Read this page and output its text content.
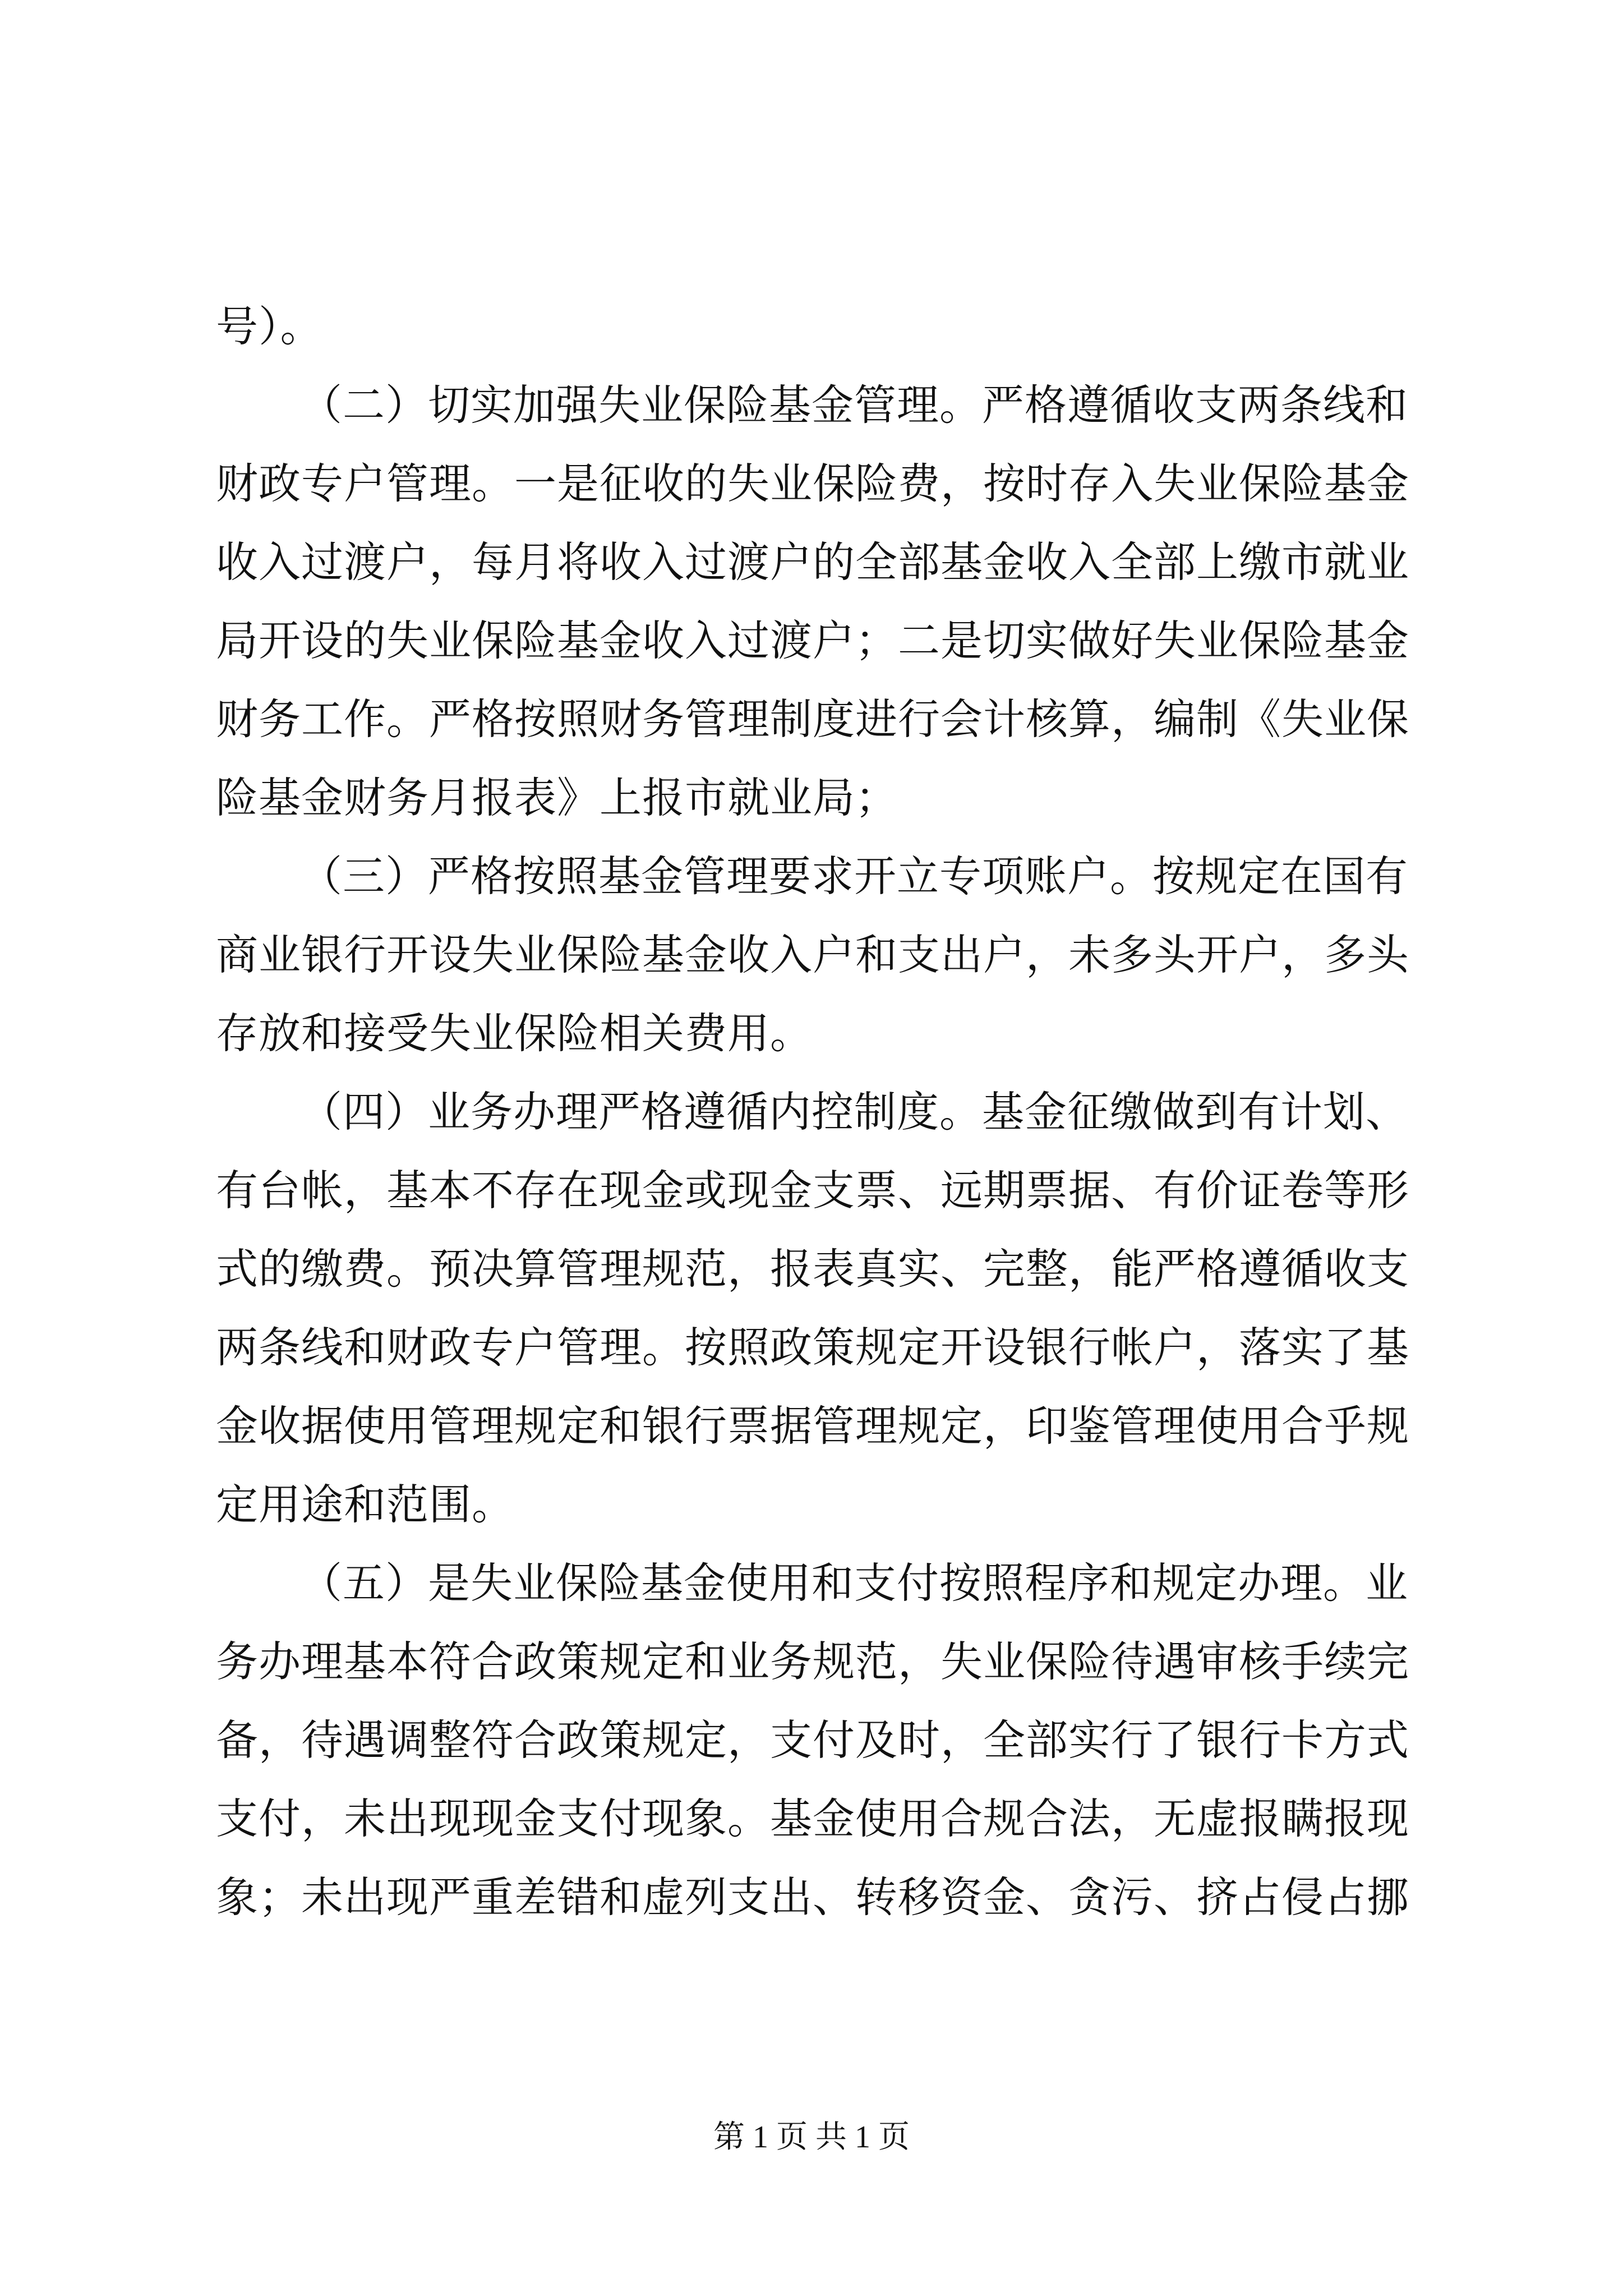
号）。
（二）切实加强失业保险基金管理。严格遵循收支两条线和
财政专户管理。一是征收的失业保险费，按时存入失业保险基金
收入过渡户，每月将收入过渡户的全部基金收入全部上缴市就业
局开设的失业保险基金收入过渡户；二是切实做好失业保险基金
财务工作。严格按照财务管理制度进行会计核算，编制《失业保
险基金财务月报表》上报市就业局；
（三）严格按照基金管理要求开立专项账户。按规定在国有
商业银行开设失业保险基金收入户和支出户，未多头开户，多头
存放和接受失业保险相关费用。
（四）业务办理严格遵循内控制度。基金征缴做到有计划、
有台帐，基本不存在现金或现金支票、远期票据、有价证卷等形
式的缴费。预决算管理规范，报表真实、完整，能严格遵循收支
两条线和财政专户管理。按照政策规定开设银行帐户，落实了基
金收据使用管理规定和银行票据管理规定，印鉴管理使用合乎规
定用途和范围。
（五）是失业保险基金使用和支付按照程序和规定办理。业
务办理基本符合政策规定和业务规范，失业保险待遇审核手续完
备，待遇调整符合政策规定，支付及时，全部实行了银行卡方式
支付，未出现现金支付现象。基金使用合规合法，无虚报瞒报现
象；未出现严重差错和虚列支出、转移资金、贪污、挤占侵占挪
第 1 页 共 1 页
